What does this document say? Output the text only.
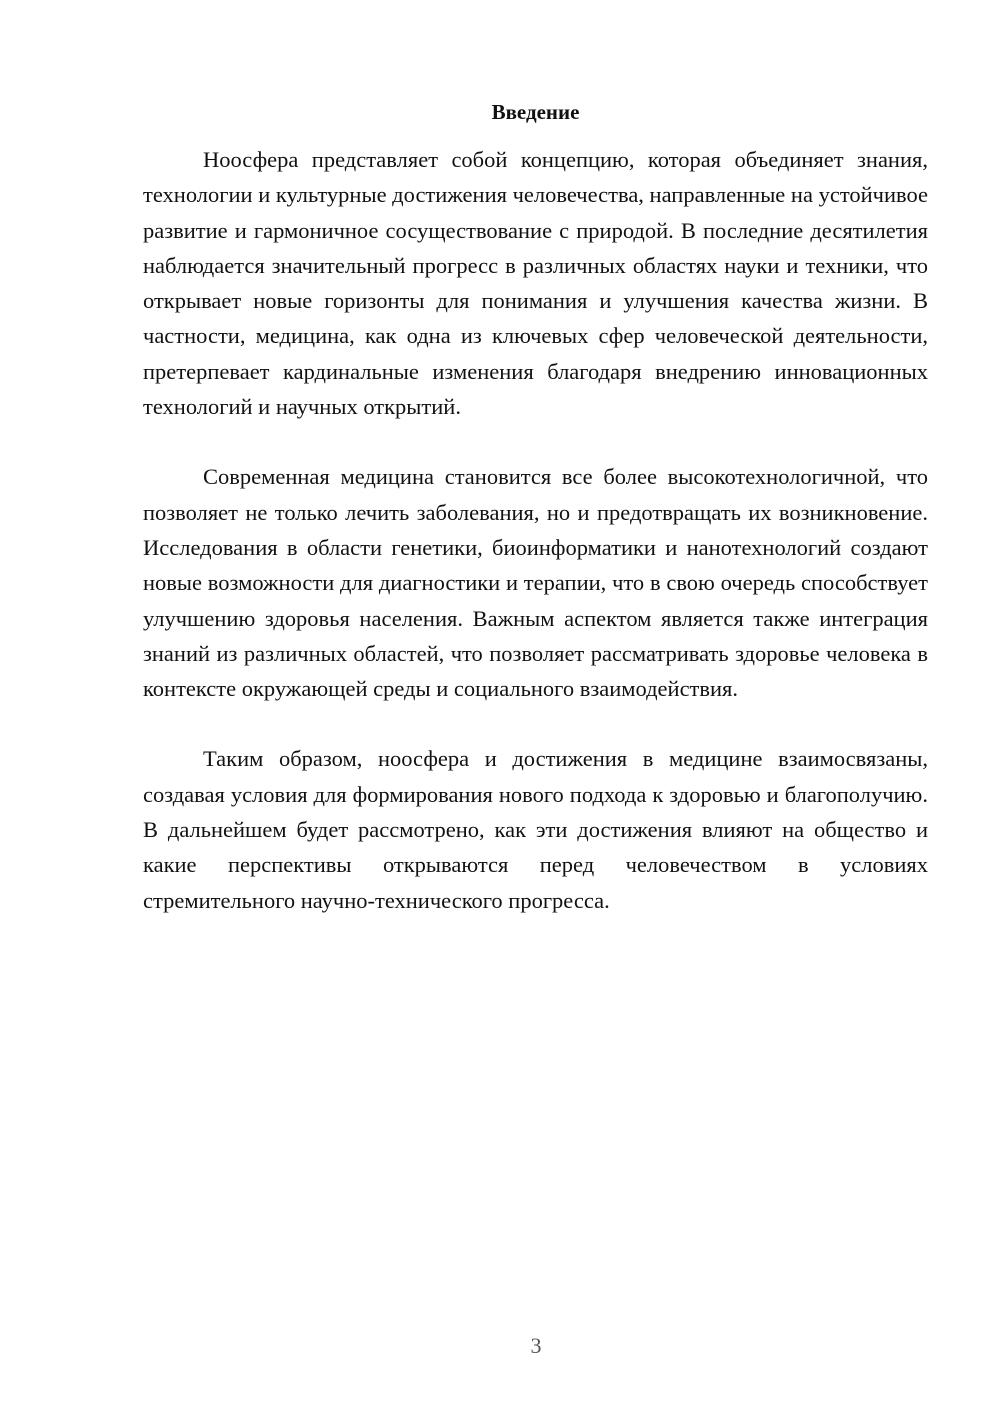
Введение

Ноосфера представляет собой концепцию, которая объединяет знания, технологии и культурные достижения человечества, направленные на устойчивое развитие и гармоничное сосуществование с природой. В последние десятилетия наблюдается значительный прогресс в различных областях науки и техники, что открывает новые горизонты для понимания и улучшения качества жизни. В частности, медицина, как одна из ключевых сфер человеческой деятельности, претерпевает кардинальные изменения благодаря внедрению инновационных технологий и научных открытий.

Современная медицина становится все более высокотехнологичной, что позволяет не только лечить заболевания, но и предотвращать их возникновение. Исследования в области генетики, биоинформатики и нанотехнологий создают новые возможности для диагностики и терапии, что в свою очередь способствует улучшению здоровья населения. Важным аспектом является также интеграция знаний из различных областей, что позволяет рассматривать здоровье человека в контексте окружающей среды и социального взаимодействия.

Таким образом, ноосфера и достижения в медицине взаимосвязаны, создавая условия для формирования нового подхода к здоровью и благополучию. В дальнейшем будет рассмотрено, как эти достижения влияют на общество и какие перспективы открываются перед человечеством в условиях стремительного научно-технического прогресса.

3
